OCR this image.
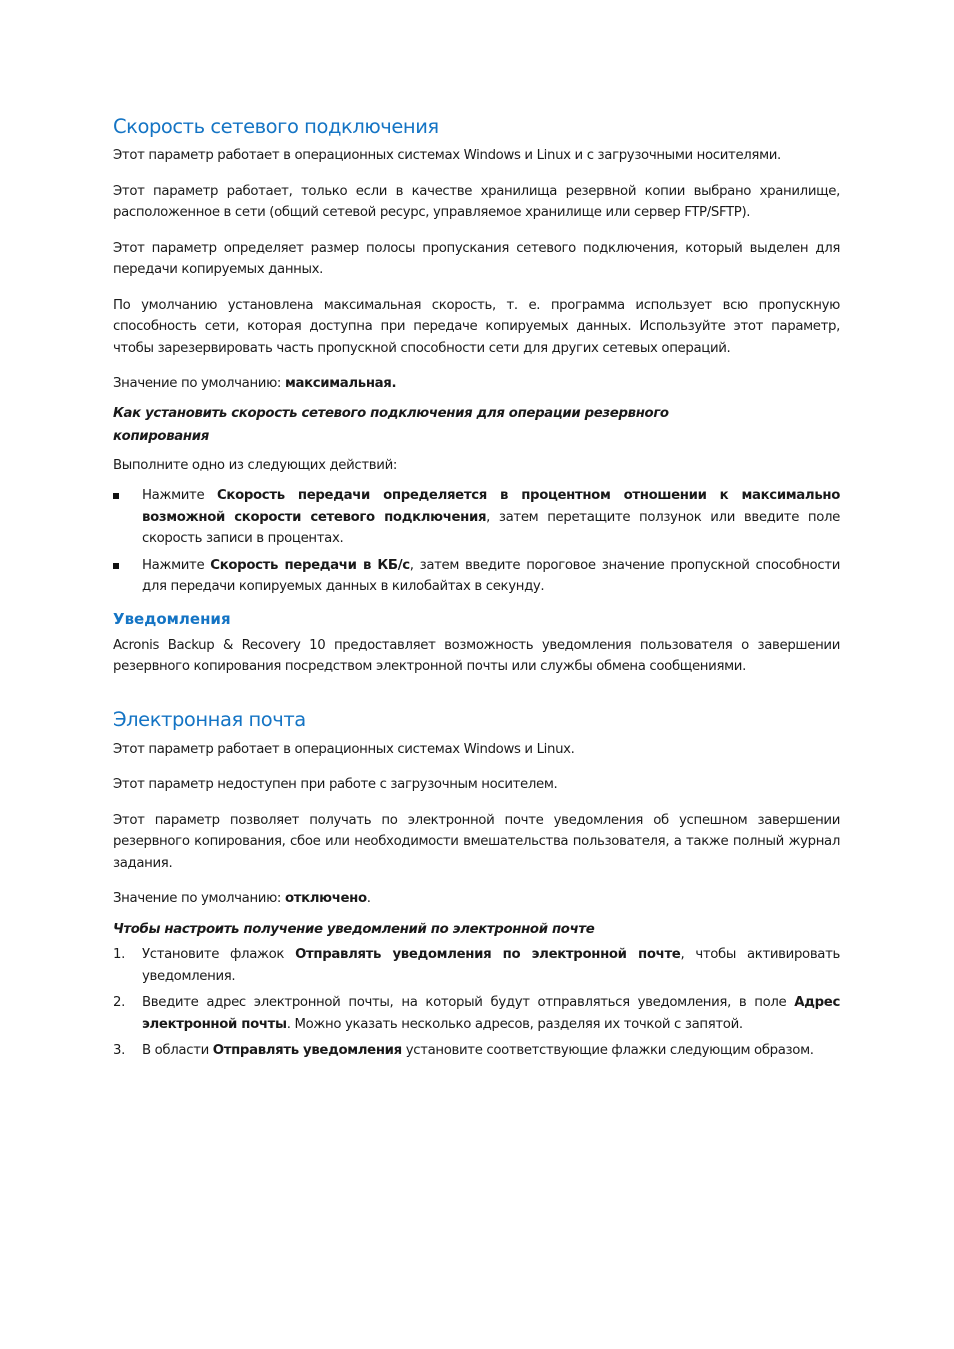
Скорость сетевого подключения

Этот параметр работает в операционных системах Windows и Linux и с загрузочными носителями.

Этот параметр работает, только если в качестве хранилища резервной копии выбрано хранилище, расположенное в сети (общий сетевой ресурс, управляемое хранилище или сервер FTP/SFTP).

Этот параметр определяет размер полосы пропускания сетевого подключения, который выделен для передачи копируемых данных.

По умолчанию установлена максимальная скорость, т. е. программа использует всю пропускную способность сети, которая доступна при передаче копируемых данных. Используйте этот параметр, чтобы зарезервировать часть пропускной способности сети для других сетевых операций.

Значение по умолчанию: максимальная.

Как установить скорость сетевого подключения для операции резервного
копирования

Выполните одно из следующих действий:

Нажмите Скорость передачи определяется в процентном отношении к максимально возможной скорости сетевого подключения, затем перетащите ползунок или введите поле скорость записи в процентах.
Нажмите Скорость передачи в КБ/с, затем введите пороговое значение пропускной способности для передачи копируемых данных в килобайтах в секунду.
Уведомления

Acronis Backup & Recovery 10 предоставляет возможность уведомления пользователя о завершении резервного копирования посредством электронной почты или службы обмена сообщениями.

Электронная почта

Этот параметр работает в операционных системах Windows и Linux.

Этот параметр недоступен при работе с загрузочным носителем.

Этот параметр позволяет получать по электронной почте уведомления об успешном завершении резервного копирования, сбое или необходимости вмешательства пользователя, а также полный журнал задания.

Значение по умолчанию: отключено.

Чтобы настроить получение уведомлений по электронной почте

1. Установите флажок Отправлять уведомления по электронной почте, чтобы активировать уведомления.
2. Введите адрес электронной почты, на который будут отправляться уведомления, в поле Адрес электронной почты. Можно указать несколько адресов, разделяя их точкой с запятой.
3. В области Отправлять уведомления установите соответствующие флажки следующим образом.
